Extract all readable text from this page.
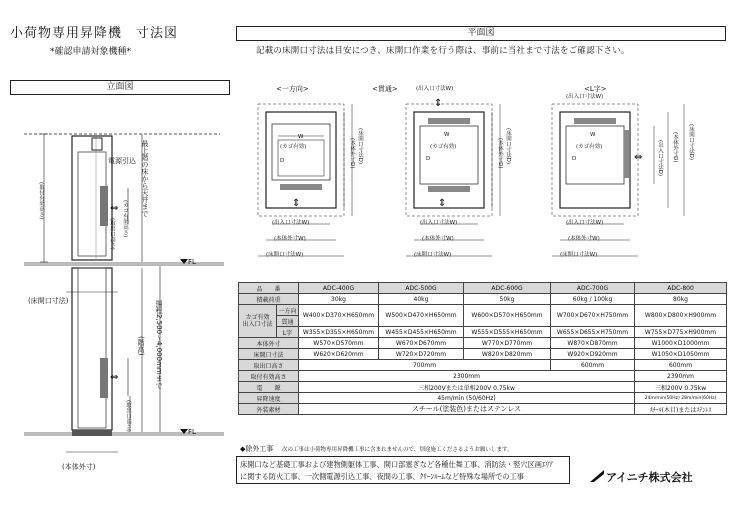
小荷物専用昇降機　寸法図
*確認申請対象機種*
立面図
⇔
⇔
電源引込
(取付有効高さ)	最上階の床から天井まで
(カゴ有効高さ)
(取出口高さ)
FL
(床開口寸法)	揚程2,500〜4,000mmまで
(階高)
(取出口高さ)
FL
(本体外寸)
平面図
記載の床開口寸法は目安につき、床開口作業を行う際は、事前に当社まで寸法をご確認下さい。
<一方向>
⇕
W
(カゴ有効)
D	(本体外寸D) (床開口寸法D)
(出入口寸法W)
(本体外寸W)
(床開口寸法W)
<貫通>	(出入口寸法W)
⇕
⇕
W
(カゴ有効)
D	(本体外寸D) (床開口寸法D)
(出入口寸法W)
(本体外寸W)
(床開口寸法W)
<L字>
(出入口寸法W)
⇔
W
(カゴ有効)
D	(出入口寸法D) (本体外寸D) (床開口寸法D)
(出入口寸法W)
(本体外寸W)
(床開口寸法W)
品　　番		ADC-400G	ADC-500G	ADC-600G	ADC-700G	ADC-800
積載荷重		30kg	40kg	50kg	60kg / 100kg	80kg
カゴ有効
出入口寸法	一方向	W400×D370×H650mm	W500×D470×H650mm	W600×D570×H650mm	W700×D670×H750mm	W800×D800×H900mm
	貫通					
	L字	W355×D355×H650mm	W455×D455×H650mm	W555×D555×H650mm	W655×D655×H750mm	W755×D775×H900mm
本体外寸		W570×D570mm	W670×D670mm	W770×D770mm	W870×D870mm	W1000×D1000mm
床開口寸法		W620×D620mm	W720×D720mm	W820×D820mm	W920×D920mm	W1050×D1050mm
取出口高さ		700mm			600mm	600mm
取付有効高さ		2300mm				2390mm
電　　源		三相200Vまたは単相200V 0.75kw				三相200V 0.75kw
昇降速度		45m/min (50/60Hz)				24m/min(50Hz) 28m/min(60Hz)
外装素材		スチール(塗装色)またはステンレス				ｽﾁｰﾙ(木目)またはｽﾃﾝﾚｽ
◆除外工事 次の工事は小荷物専用昇降機工事に含まれませんので、別途施工くださるようお願いします。
床開口など基礎工事および建物側躯体工事、開口部塞ぎなど各種仕舞工事、消防法・竪穴区画ｴﾘｱ
に関する防火工事、一次側電源引込工事、夜間の工事、ｸﾘｰﾝﾙｰﾑなど特殊な場所での工事	アイニチ株式会社
